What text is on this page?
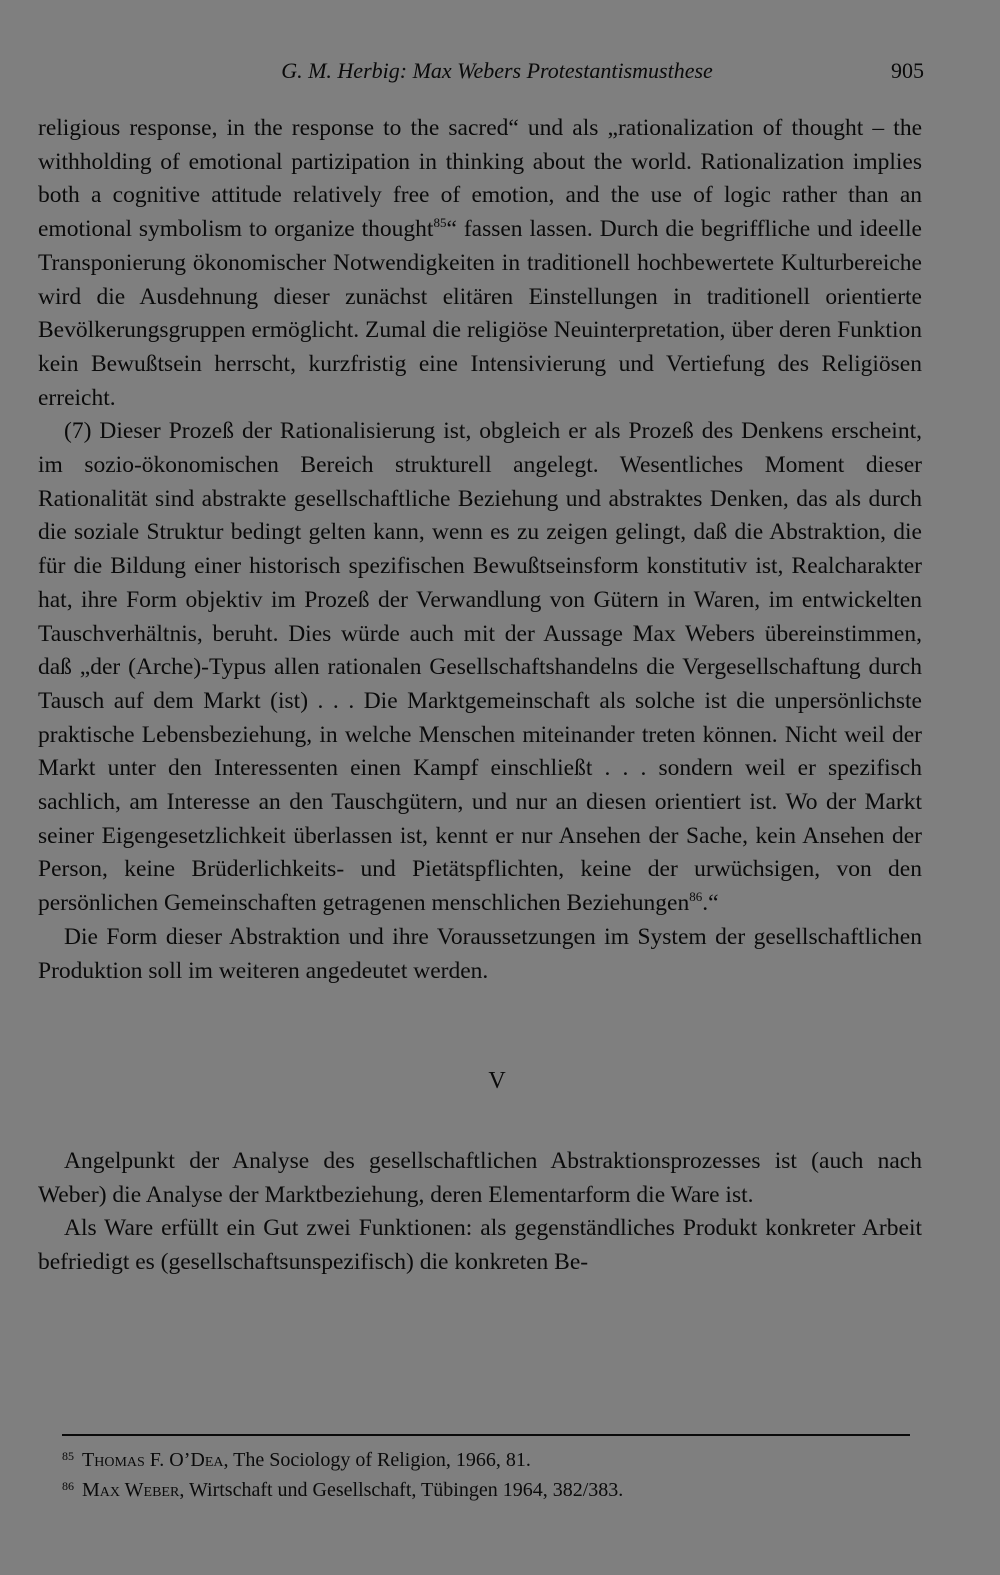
G. M. Herbig: Max Webers Protestantismusthese	905

religious response, in the response to the sacred“ und als „rationalization of thought – the withholding of emotional partizipation in thinking about the world. Rationalization implies both a cognitive attitude relatively free of emotion, and the use of logic rather than an emotional symbolism to organize thought$^{85}$“ fassen lassen. Durch die begriffliche und ideelle Transponierung ökonomischer Notwendigkeiten in traditionell hochbewertete Kulturbereiche wird die Ausdehnung dieser zunächst elitären Einstellungen in traditionell orientierte Bevölkerungsgruppen ermöglicht. Zumal die religiöse Neuinterpretation, über deren Funktion kein Bewußtsein herrscht, kurzfristig eine Intensivierung und Vertiefung des Religiösen erreicht.

(7) Dieser Prozeß der Rationalisierung ist, obgleich er als Prozeß des Denkens erscheint, im sozio-ökonomischen Bereich strukturell angelegt. Wesentliches Moment dieser Rationalität sind abstrakte gesellschaftliche Beziehung und abstraktes Denken, das als durch die soziale Struktur bedingt gelten kann, wenn es zu zeigen gelingt, daß die Abstraktion, die für die Bildung einer historisch spezifischen Bewußtseinsform konstitutiv ist, Realcharakter hat, ihre Form objektiv im Prozeß der Verwandlung von Gütern in Waren, im entwickelten Tauschverhältnis, beruht. Dies würde auch mit der Aussage Max Webers übereinstimmen, daß „der (Arche)-Typus allen rationalen Gesellschaftshandelns die Vergesellschaftung durch Tausch auf dem Markt (ist) . . . Die Marktgemeinschaft als solche ist die unpersönlichste praktische Lebensbeziehung, in welche Menschen miteinander treten können. Nicht weil der Markt unter den Interessenten einen Kampf einschließt . . . sondern weil er spezifisch sachlich, am Interesse an den Tauschgütern, und nur an diesen orientiert ist. Wo der Markt seiner Eigengesetzlichkeit überlassen ist, kennt er nur Ansehen der Sache, kein Ansehen der Person, keine Brüderlichkeits- und Pietätspflichten, keine der urwüchsigen, von den persönlichen Gemeinschaften getragenen menschlichen Beziehungen$^{86}$.“

Die Form dieser Abstraktion und ihre Voraussetzungen im System der gesellschaftlichen Produktion soll im weiteren angedeutet werden.

V

Angelpunkt der Analyse des gesellschaftlichen Abstraktionsprozesses ist (auch nach Weber) die Analyse der Marktbeziehung, deren Elementarform die Ware ist.

Als Ware erfüllt ein Gut zwei Funktionen: als gegenständliches Produkt konkreter Arbeit befriedigt es (gesellschaftsunspezifisch) die konkreten Be-

$^{85}$ Thomas F. O’Dea, The Sociology of Religion, 1966, 81.

$^{86}$ Max Weber, Wirtschaft und Gesellschaft, Tübingen 1964, 382/383.
